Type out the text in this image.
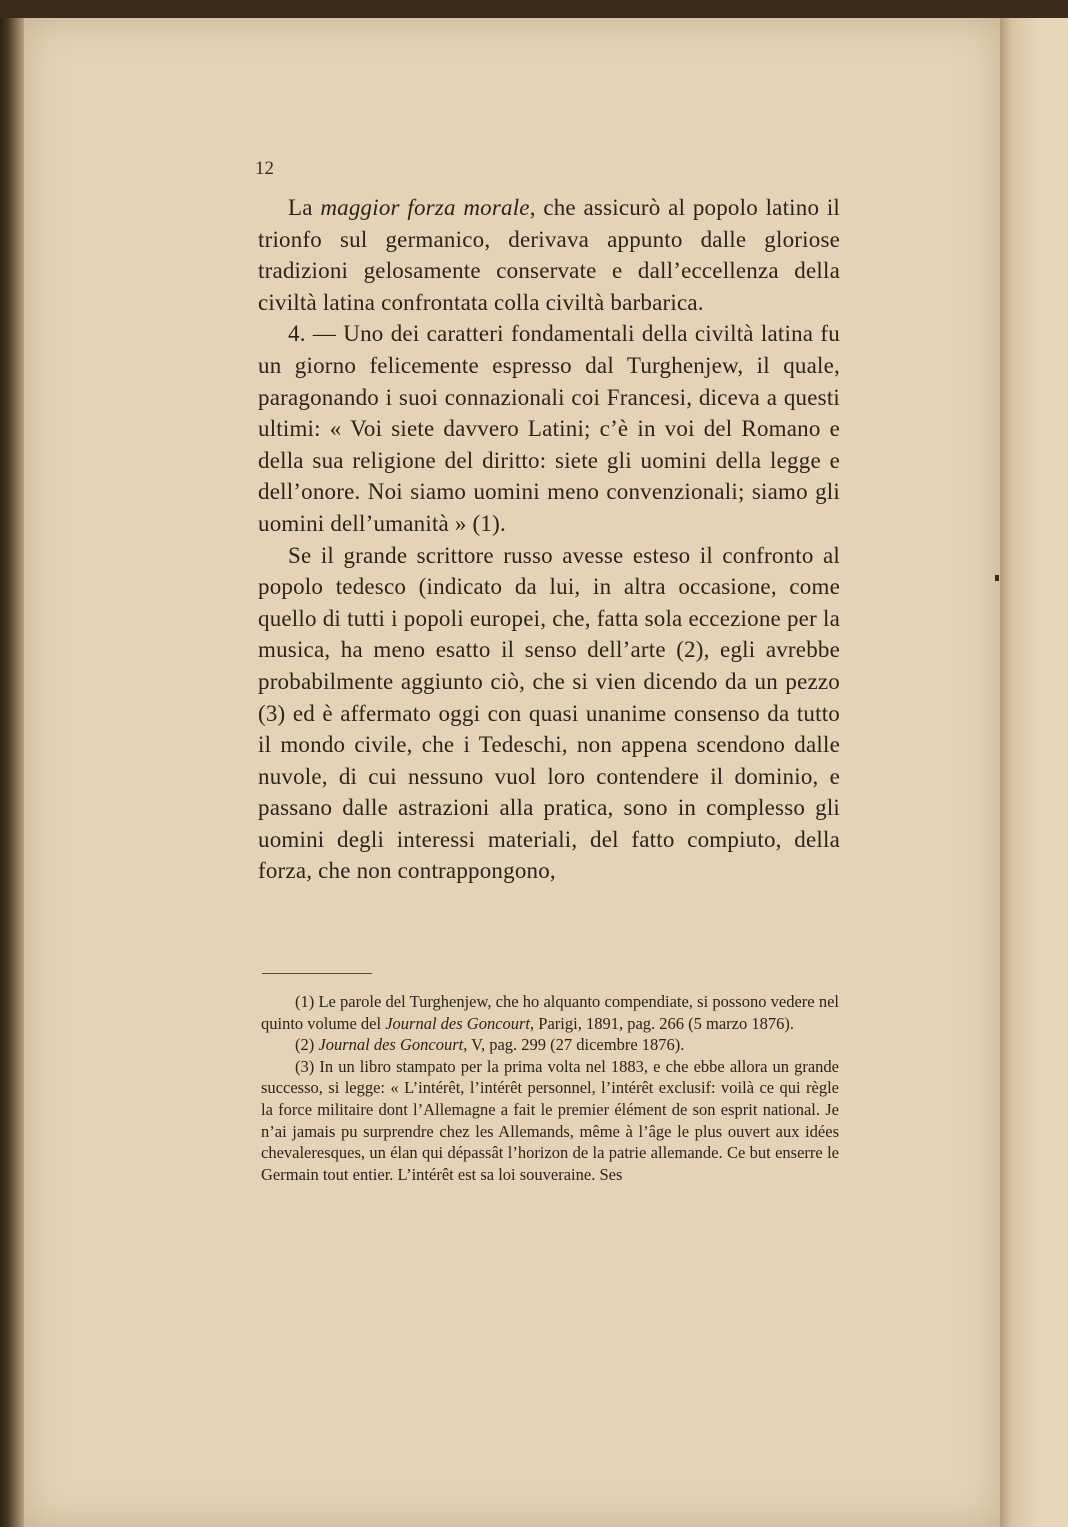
12

La maggior forza morale, che assicurò al popolo latino il trionfo sul germanico, derivava appunto dalle gloriose tradizioni gelosamente conservate e dall’eccellenza della civiltà latina confrontata colla civiltà barbarica.

4. — Uno dei caratteri fondamentali della civiltà latina fu un giorno felicemente espresso dal Turghenjew, il quale, paragonando i suoi connazionali coi Francesi, diceva a questi ultimi: « Voi siete davvero Latini; c’è in voi del Romano e della sua religione del diritto: siete gli uomini della legge e dell’onore. Noi siamo uomini meno convenzionali; siamo gli uomini dell’umanità » (1).

Se il grande scrittore russo avesse esteso il confronto al popolo tedesco (indicato da lui, in altra occasione, come quello di tutti i popoli europei, che, fatta sola eccezione per la musica, ha meno esatto il senso dell’arte (2), egli avrebbe probabilmente aggiunto ciò, che si vien dicendo da un pezzo (3) ed è affermato oggi con quasi unanime consenso da tutto il mondo civile, che i Tedeschi, non appena scendono dalle nuvole, di cui nessuno vuol loro contendere il dominio, e passano dalle astrazioni alla pratica, sono in complesso gli uomini degli interessi materiali, del fatto compiuto, della forza, che non contrappongono,

(1) Le parole del Turghenjew, che ho alquanto compendiate, si possono vedere nel quinto volume del Journal des Goncourt, Parigi, 1891, pag. 266 (5 marzo 1876).

(2) Journal des Goncourt, V, pag. 299 (27 dicembre 1876).

(3) In un libro stampato per la prima volta nel 1883, e che ebbe allora un grande successo, si legge: « L’intérêt, l’intérêt personnel, l’intérêt exclusif: voilà ce qui règle la force militaire dont l’Allemagne a fait le premier élément de son esprit national. Je n’ai jamais pu surprendre chez les Allemands, même à l’âge le plus ouvert aux idées chevaleresques, un élan qui dépassât l’horizon de la patrie allemande. Ce but enserre le Germain tout entier. L’intérêt est sa loi souveraine. Ses
